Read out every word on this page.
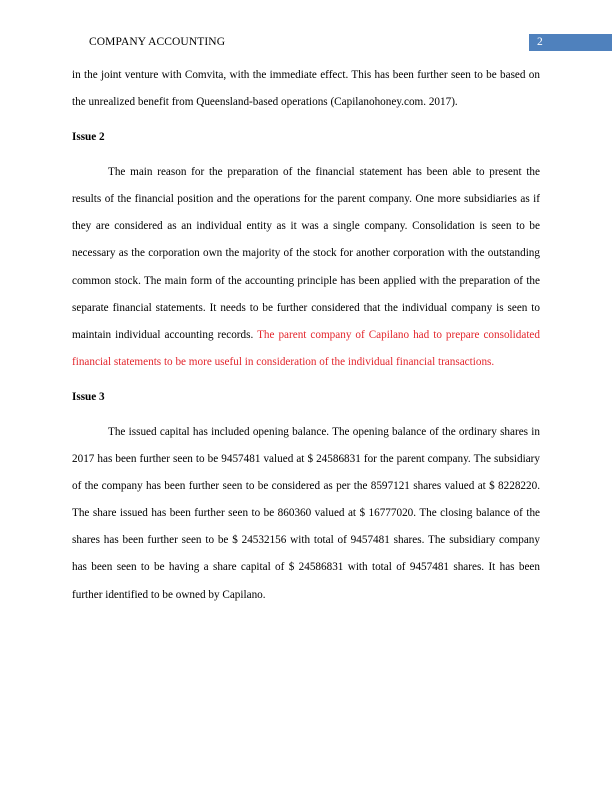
COMPANY ACCOUNTING	2

in the joint venture with Comvita, with the immediate effect. This has been further seen to be based on the unrealized benefit from Queensland-based operations (Capilanohoney.com. 2017).

Issue 2

The main reason for the preparation of the financial statement has been able to present the results of the financial position and the operations for the parent company. One more subsidiaries as if they are considered as an individual entity as it was a single company. Consolidation is seen to be necessary as the corporation own the majority of the stock for another corporation with the outstanding common stock. The main form of the accounting principle has been applied with the preparation of the separate financial statements. It needs to be further considered that the individual company is seen to maintain individual accounting records. The parent company of Capilano had to prepare consolidated financial statements to be more useful in consideration of the individual financial transactions.

Issue 3

The issued capital has included opening balance. The opening balance of the ordinary shares in 2017 has been further seen to be 9457481 valued at $ 24586831 for the parent company. The subsidiary of the company has been further seen to be considered as per the 8597121 shares valued at $ 8228220. The share issued has been further seen to be 860360 valued at $ 16777020. The closing balance of the shares has been further seen to be $ 24532156 with total of 9457481 shares. The subsidiary company has been seen to be having a share capital of $ 24586831 with total of 9457481 shares. It has been further identified to be owned by Capilano.
